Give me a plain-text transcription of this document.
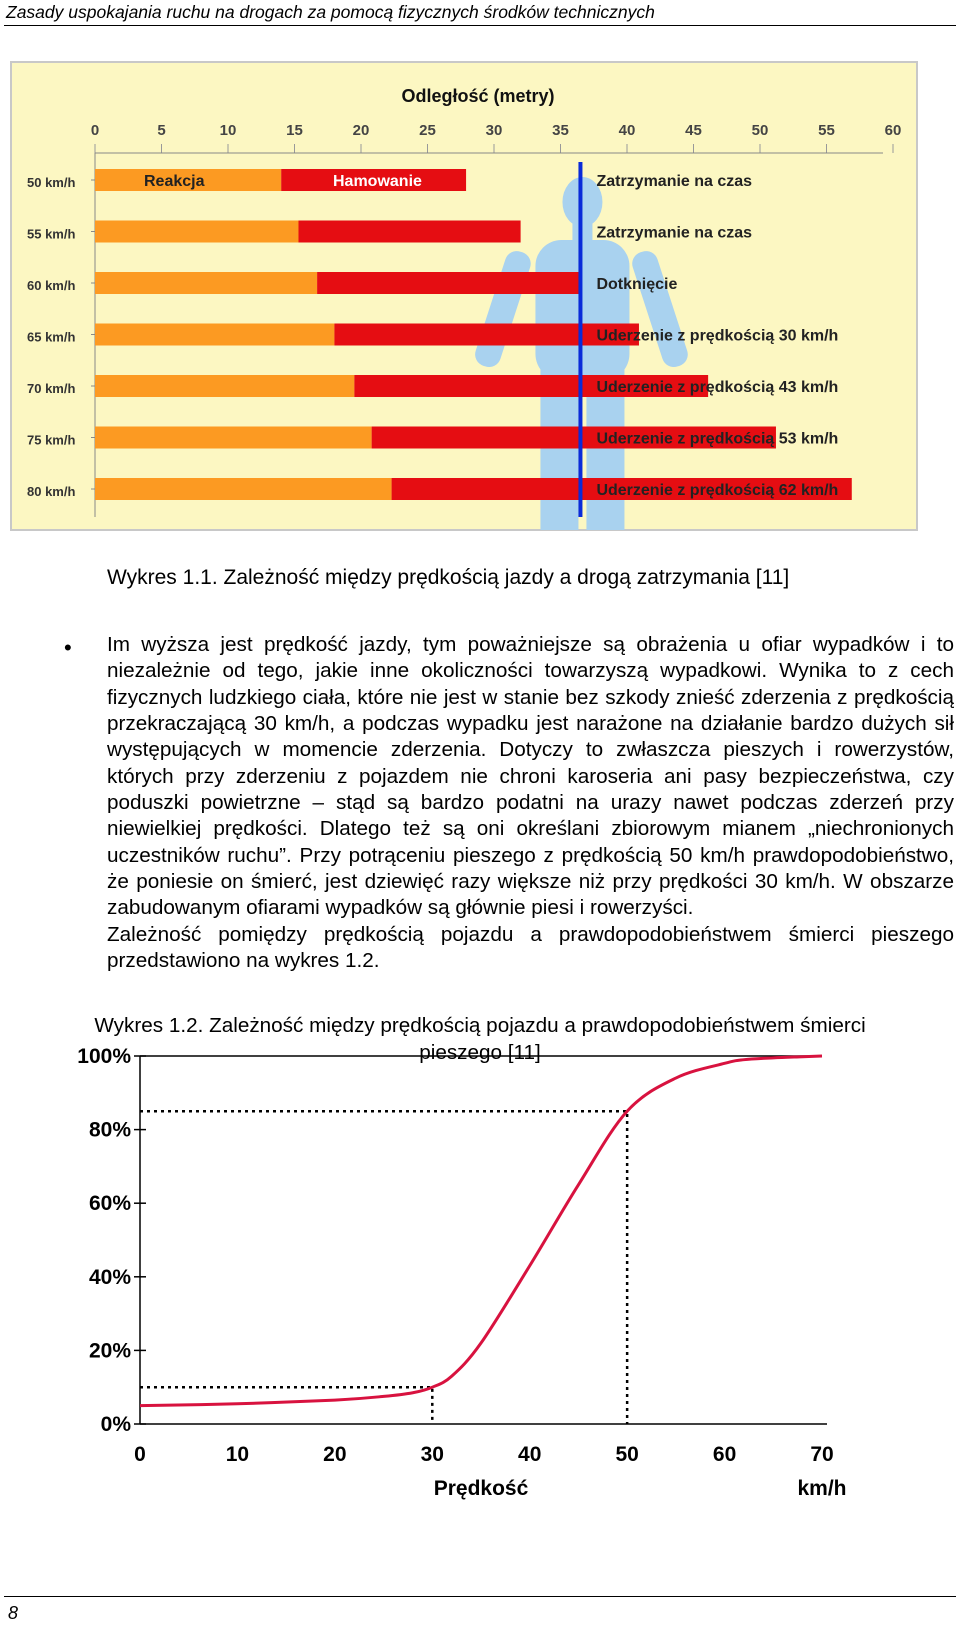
Zasady uspokajania ruchu na drogach za pomocą fizycznych środków technicznych
Odległość (metry)
0	5	10	15	20	25	30	35	40	45	50	55	60
50 km/h	Zatrzymanie na czas
55 km/h	Zatrzymanie na czas
60 km/h	Dotknięcie
65 km/h	Uderzenie z prędkością 30 km/h
70 km/h	Uderzenie z prędkością 43 km/h
75 km/h	Uderzenie z prędkością 53 km/h
80 km/h	Uderzenie z prędkością 62 km/h
Reakcja	Hamowanie
Wykres 1.1. Zależność między prędkością jazdy a drogą zatrzymania [11]
• Im wyższa jest prędkość jazdy, tym poważniejsze są obrażenia u ofiar wypadków i to niezależnie od tego, jakie inne okoliczności towarzyszą wypadkowi. Wynika to z cech fizycznych ludzkiego ciała, które nie jest w stanie bez szkody znieść zderzenia z prędkością przekraczającą 30 km/h, a podczas wypadku jest narażone na działanie bardzo dużych sił występujących w momencie zderzenia. Dotyczy to zwłaszcza pieszych i rowerzystów, których przy zderzeniu z pojazdem nie chroni karoseria ani pasy bezpieczeństwa, czy poduszki powietrzne – stąd są bardzo podatni na urazy nawet podczas zderzeń przy niewielkiej prędkości. Dlatego też są oni określani zbiorowym mianem „niechronionych uczestników ruchu”. Przy potrąceniu pieszego z prędkością 50 km/h prawdopodobieństwo, że poniesie on śmierć, jest dziewięć razy większe niż przy prędkości 30 km/h. W obszarze zabudowanym ofiarami wypadków są głównie piesi i rowerzyści.

Zależność pomiędzy prędkością pojazdu a prawdopodobieństwem śmierci pieszego przedstawiono na wykres 1.2.

Wykres 1.2. Zależność między prędkością pojazdu a prawdopodobieństwem śmierci
pieszego [11]
0%
20%
40%
60%
80%
100%
0	10	20	30	40	50	60	70
Prędkość	km/h
8
